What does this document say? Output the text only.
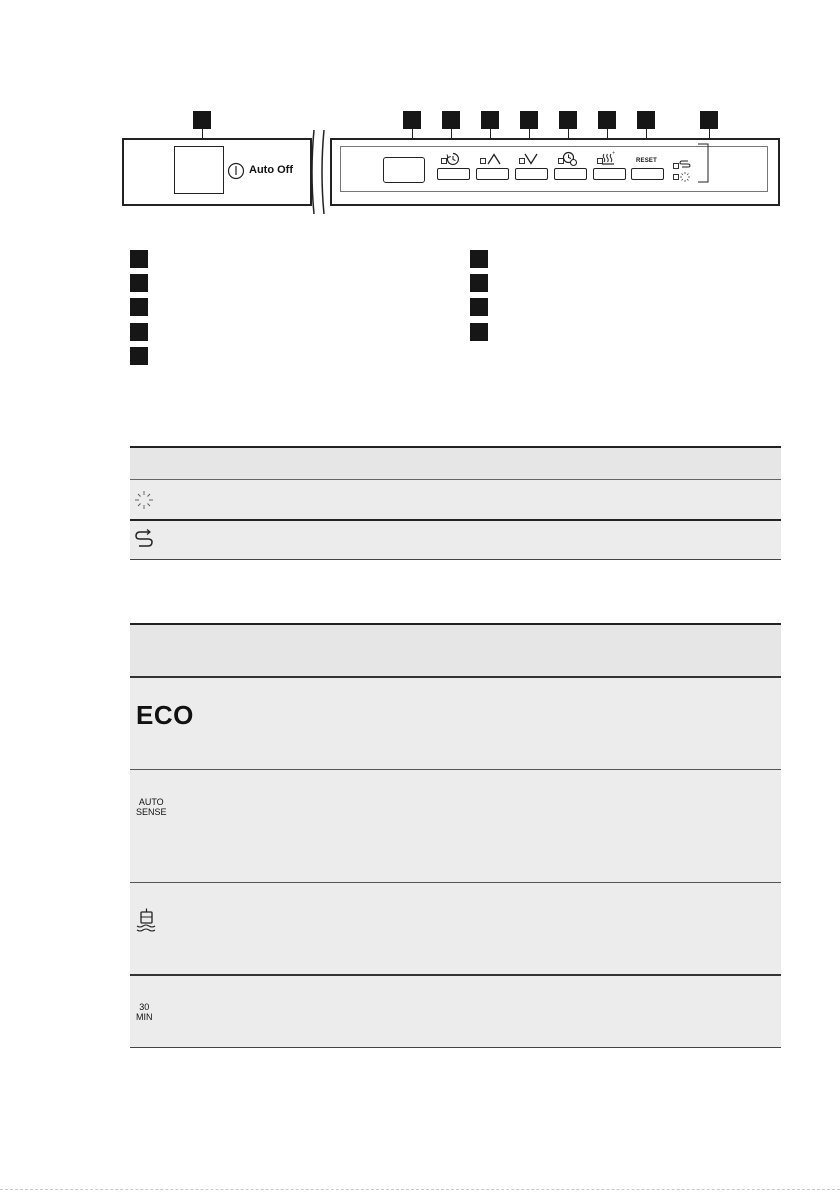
Auto Off
+
RESET
ECO
AUTO
SENSE
30
MIN
